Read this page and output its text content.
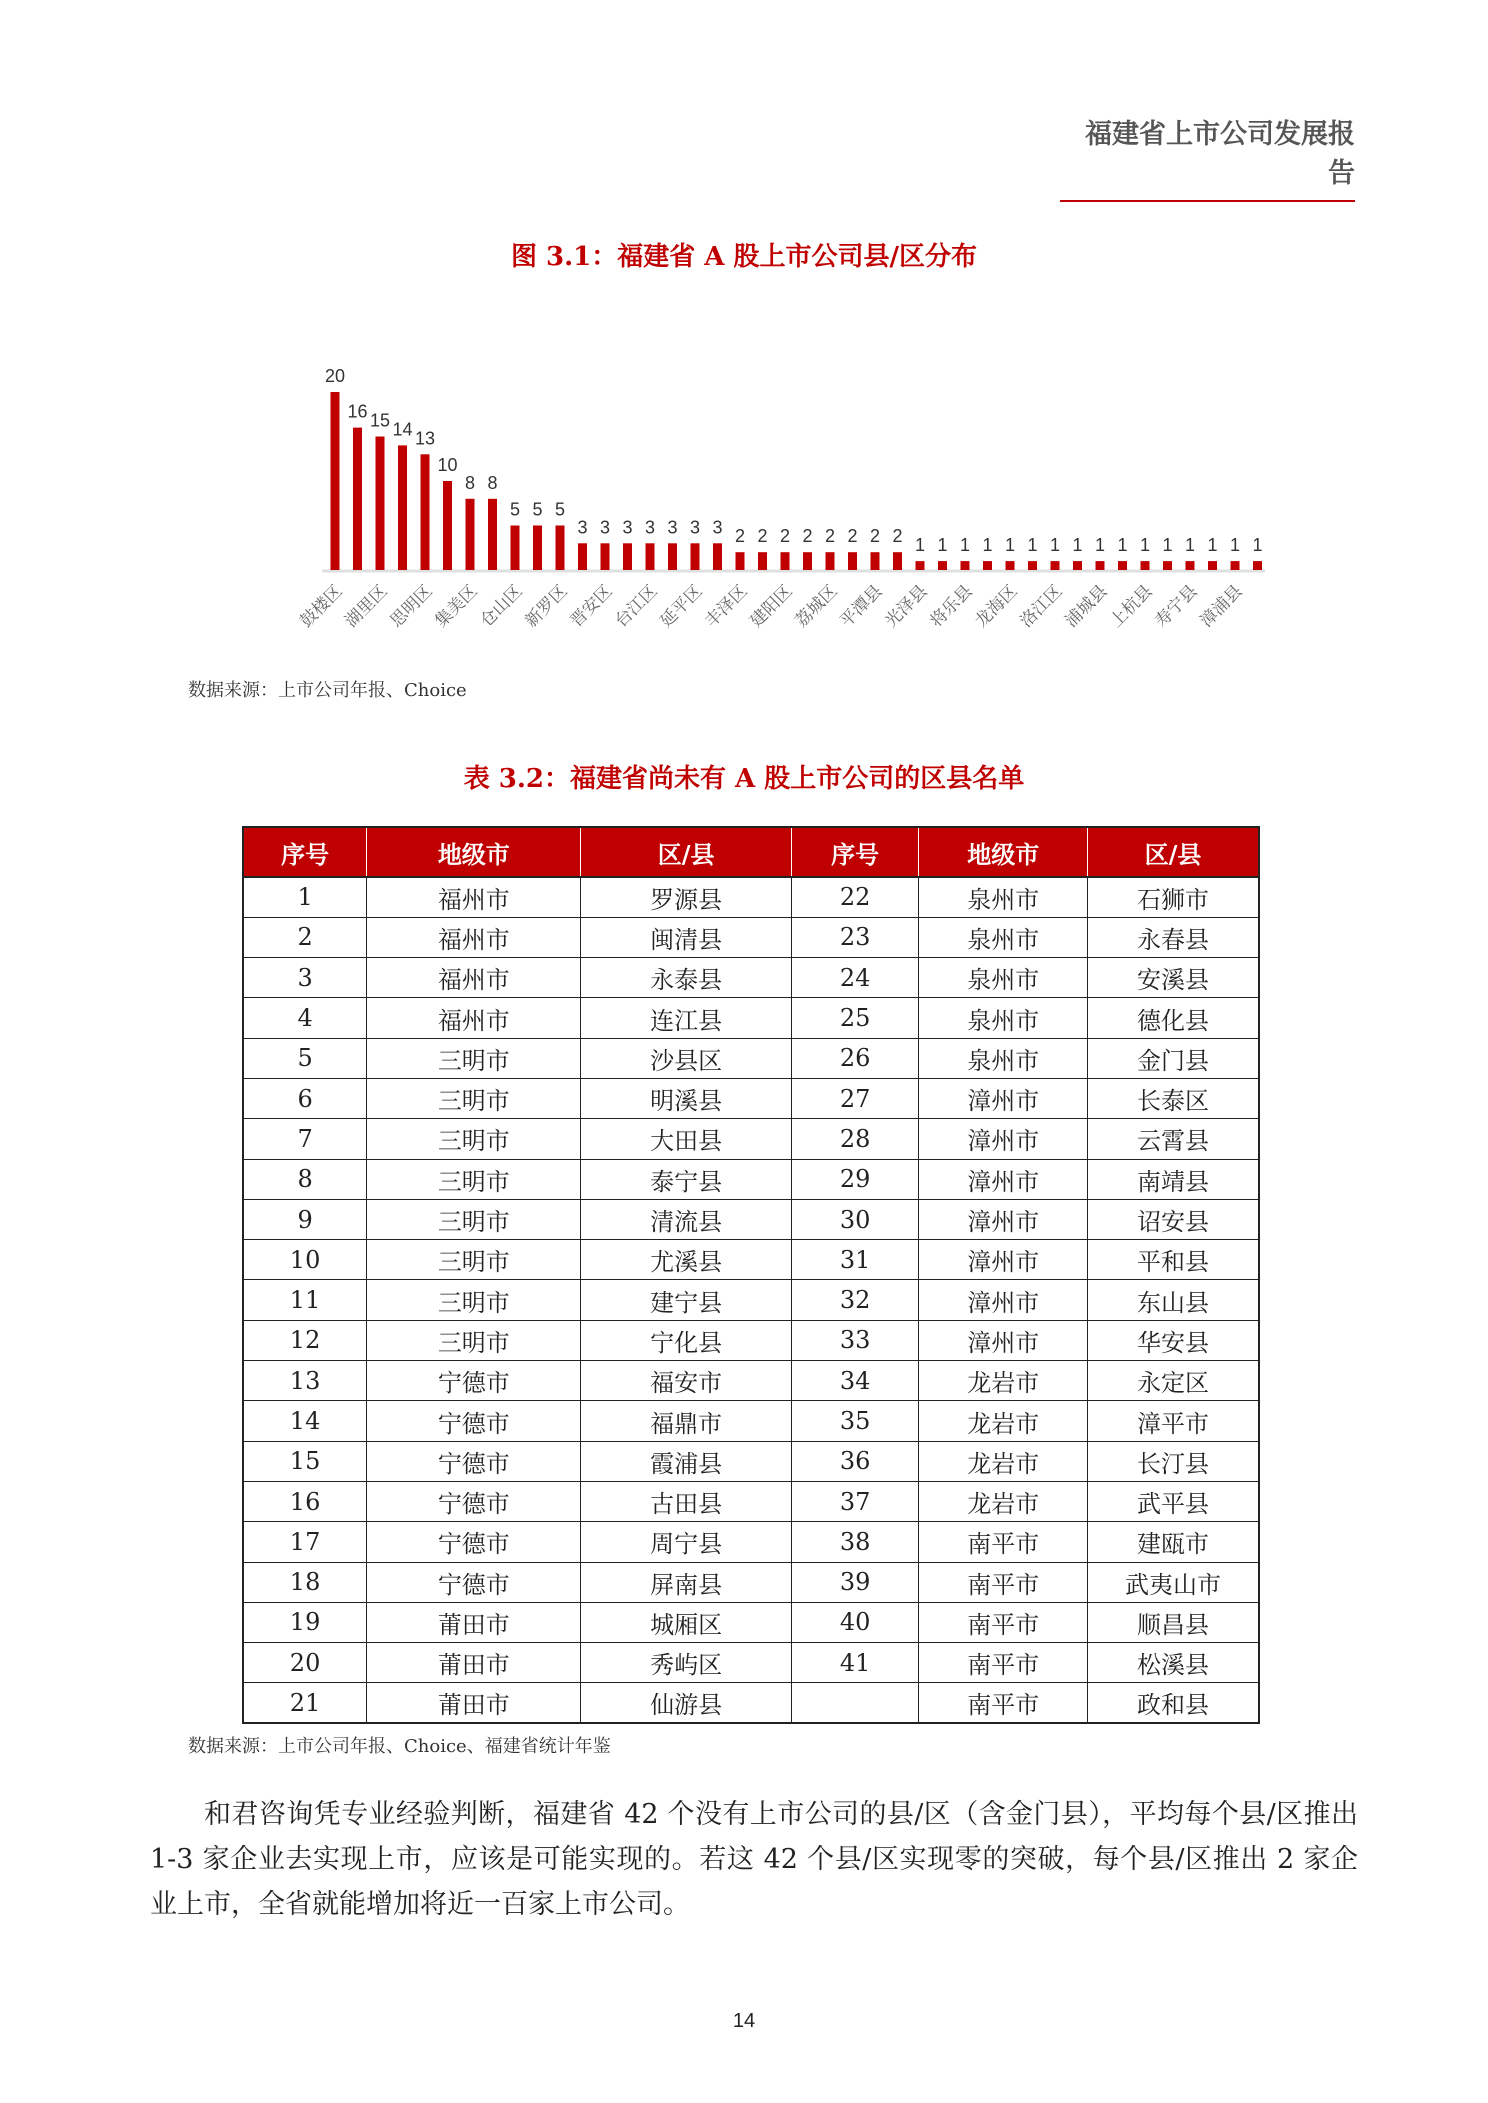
福建省上市公司发展报告
图 3.1：福建省 A 股上市公司县/区分布
20
鼓楼区
16 15
湖里区
14 13
思明区
10
8
集美区
8
5
仓山区
5 5
新罗区
3 3
晋安区
3 3
台江区
3 3
延平区
3 2
丰泽区
2 2
建阳区
2 2
荔城区
2 2
平潭县
2 1
光泽县
1 1
将乐县
1 1
龙海区
1 1
洛江区
1 1
浦城县
1 1
上杭县
1 1
寿宁县
1 1
漳浦县
1
数据来源：上市公司年报、Choice
表 3.2：福建省尚未有 A 股上市公司的区县名单
序号	地级市	区/县	序号	地级市	区/县
1	福州市	罗源县	22	泉州市	石狮市
2	福州市	闽清县	23	泉州市	永春县
3	福州市	永泰县	24	泉州市	安溪县
4	福州市	连江县	25	泉州市	德化县
5	三明市	沙县区	26	泉州市	金门县
6	三明市	明溪县	27	漳州市	长泰区
7	三明市	大田县	28	漳州市	云霄县
8	三明市	泰宁县	29	漳州市	南靖县
9	三明市	清流县	30	漳州市	诏安县
10	三明市	尤溪县	31	漳州市	平和县
11	三明市	建宁县	32	漳州市	东山县
12	三明市	宁化县	33	漳州市	华安县
13	宁德市	福安市	34	龙岩市	永定区
14	宁德市	福鼎市	35	龙岩市	漳平市
15	宁德市	霞浦县	36	龙岩市	长汀县
16	宁德市	古田县	37	龙岩市	武平县
17	宁德市	周宁县	38	南平市	建瓯市
18	宁德市	屏南县	39	南平市	武夷山市
19	莆田市	城厢区	40	南平市	顺昌县
20	莆田市	秀屿区	41	南平市	松溪县
21	莆田市	仙游县		南平市	政和县
数据来源：上市公司年报、Choice、福建省统计年鉴
和君咨询凭专业经验判断，福建省 42 个没有上市公司的县/区（含金门县），平均每个县/区推出 1-3 家企业去实现上市，应该是可能实现的。若这 42 个县/区实现零的突破，每个县/区推出 2 家企业上市，全省就能增加将近一百家上市公司。
14
